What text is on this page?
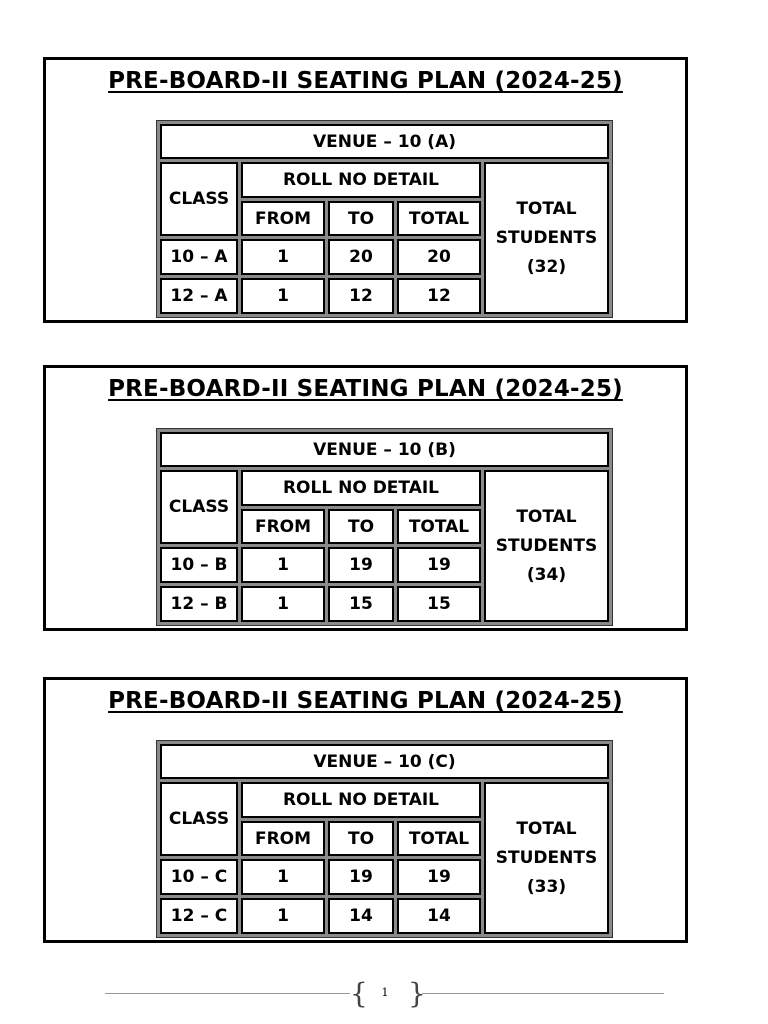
PRE-BOARD-II SEATING PLAN (2024-25)
VENUE – 10 (A)				
CLASS	ROLL NO DETAIL			TOTAL STUDENTS
(32)

	FROM	TO	TOTAL	
10 – A	1	20	20	
12 – A	1	12	12	
PRE-BOARD-II SEATING PLAN (2024-25)
VENUE – 10 (B)				
CLASS	ROLL NO DETAIL			TOTAL STUDENTS
(34)

	FROM	TO	TOTAL	
10 – B	1	19	19	
12 – B	1	15	15	
PRE-BOARD-II SEATING PLAN (2024-25)
VENUE – 10 (C)				
CLASS	ROLL NO DETAIL			TOTAL STUDENTS
(33)

	FROM	TO	TOTAL	
10 – C	1	19	19	
12 – C	1	14	14	
{ }
1
